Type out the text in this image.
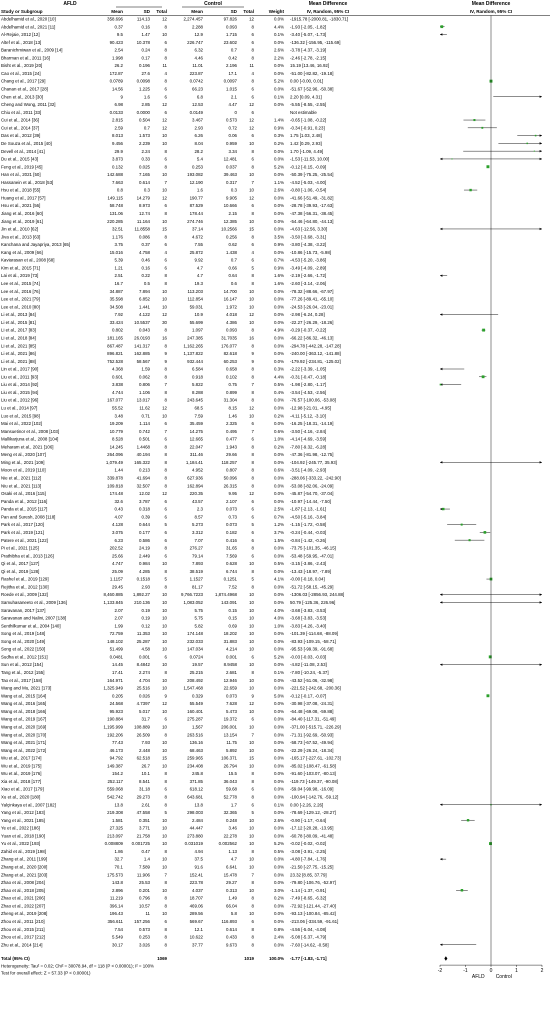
AFLD	Control	Mean Difference	Mean Difference
Study or Subgroup	Mean	SD Total	Mean	SD Total	Weight	IV, Random, 95% CI	IV, Random, 95% CI
Abdelhamid et al., 2020 [10]	358.696	114.13	12	2,274.457	97.826	12	0.0% -1915.78 [-2000.81, -1830.71]
Abdelhamid et al., 2021 [11]	0.37	0.16	8	2.288	0.093	8	4.4% -1.93 [-2.05, -1.82]
Al-Rejaie, 2012 [12]	9.5	1.47	10	12.9	1.715	6	0.1% -3.40 [-5.07, -1.73]
Altef et al., 2018 [13]	90.423	10.378	6	226.747	23.602	6	0.0% -136.32 [-156.95, -115.69]
Baranichmiwan et al., 2009 [14]	2.54	0.24	8	6.32	0.7	8	2.6% -3.78 [-4.37, -3.19]
Bharman et al., 2011 [16]	1.998	0.17	8	4.46	0.42	8	2.2% -2.46 [-2.78, -2.15]
Bisht et al., 2019 [20]	26.2	0.196	11	11.01	2.196	11	0.0% 15.19 [13.46, 16.92]
Cao et al., 2015 [24]	172.87	27.6	4	223.87	17.1	4	0.0% -51.00 [-82.82, -19.18]
Chang et al., 2017 [29]	0.0789	0.0098	8	0.0742	0.0097	8	5.2% 0.00 [-0.00, 0.01]
Chanan et al., 2017 [28]	14.56	1.225	6	66.23	1.015	6	0.0% -51.67 [-52.96, -50.38]
Chen et al., 2013 [30]	9	1.6	6	6.8	2.1	6	0.1% 2.20 [0.09, 4.31]
Cheng and Wong, 2011 [32]	6.98	2.85	12	12.53	4.47	12	0.0% -5.55 [-8.55, -2.55]
Chiu et al., 2011 [33]	0.0133	0.0000	6	0.0149	0	6	Not estimable
Cui et al., 2014 [36]	2.815	0.504	12	3.467	0.573	12	1.4% -0.65 [-1.08, -0.22]
Cui et al., 2014 [37]	2.59	0.7	12	2.93	0.72	12	0.9% -0.34 [-0.91, 0.23]
Das et al., 2012 [39]	8.013	1.573	10	6.26	0.06	6	0.3% 1.75 [1.03, 2.48]
De Souza et al., 2015 [40]	9.456	2.239	10	8.04	0.959	10	0.2% 1.42 [0.29, 2.93]
Devell et al., 2014 [41]	29.9	2.24	8	28.2	3.34	8	0.0% 1.70 [-1.09, 4.49]
Du et al., 2015 [43]	3.873	0.33	6	5.4	12.481	6	0.0% -1.53 [-11.53, 10.00]
Feng et al., 2019 [45]	0.132	0.025	8	0.253	0.037	8	5.2% -0.12 [-0.15, -0.09]
Han et al., 2021 [50]	142.688	7.165	10	193.082	39.463	10	0.0% -50.39 [-75.25, -25.54]
Hassanein et al., 2018 [53]	7.663	0.614	7	12.190	0.317	7	1.1% -4.52 [-5.03, -4.00]
Hsu et al., 2018 [55]	0.8	0.3	10	1.6	0.3	10	2.6% -0.80 [-1.06, -0.54]
Huang et al., 2017 [57]	149.115	14.279	12	190.77	9.905	12	0.0% -41.66 [-51.49, -31.82]
Hsu et al., 2021 [56]	58.748	8.973	6	87.529	10.666	6	0.0% -28.78 [-39.93, -17.63]
Jiang et al., 2016 [60]	131.06	12.74	8	178.44	2.15	8	0.0% -47.38 [-56.31, -38.45]
Jiang et al., 2019 [61]	220.285	11.164	10	274.746	12.385	10	0.0% -54.46 [-64.80, -44.13]
Jin et al., 2010 [62]	32.51	11.8558	15	37.14	10.2566	15	0.0% -4.63 [-12.56, 3.30]
Jiva et al., 2013 [63]	1.176	0.086	8	4.672	0.256	8	3.5% -3.50 [-3.68, -3.31]
Kanchana and Jayapriya, 2013 [65]	3.75	0.37	6	7.55	0.62	6	0.9% -3.80 [-4.38, -3.22]
Kang et al., 2009 [66]	15.016	4.758	4	25.872	1.438	4	0.0% -10.86 [-15.73, -5.98]
Kaviarasan et al., 2008 [68]	5.39	0.46	6	9.92	0.7	6	0.7% -4.53 [-5.20, -3.86]
Kim et al., 2015 [71]	1.21	0.16	6	4.7	0.66	5	0.9% -3.49 [-4.09, -2.89]
Lai et al., 2019 [73]	2.51	0.22	8	4.7	0.64	8	1.6% -2.19 [-2.66, -1.72]
Lee et al., 2015 [74]	16.7	0.5	8	19.3	0.6	8	1.6% -2.60 [-3.14, -2.06]
Lee et al., 2016 [76]	34.887	7.894	10	113.203	14.700	10	0.0% -78.32 [-88.66, -67.97]
Lee et al., 2021 [79]	35.598	6.852	10	112.854	16.147	10	0.0% -77.26 [-89.41, -65.10]
Lee et al., 2010 [80]	34.508	1.441	10	59.031	1.972	10	0.0% -24.53 [-26.04, -23.01]
Li et al., 2013 [84]	7.92	4.122	12	10.9	4.018	12	0.0% -2.98 [-6.24, 0.28]
Li et al., 2015 [81]	33.424	10.5537	30	55.699	4.386	10	0.0% -22.27 [-26.29, -18.26]
Li et al., 2017 [83]	0.802	0.043	8	1.097	0.093	8	4.9% -0.29 [-0.37, -0.22]
Li et al., 2018 [84]	181.165	26.0193	16	247.385	31.7035	16	0.0% -66.22 [-86.32, -46.13]
Li et al., 2021 [85]	867.487	141.317	8	1,162.265	176.077	8	0.0% -294.78 [-442.28, -147.28]
Li et al., 2021 [86]	896.821	162.885	9	1,137.822	82.618	9	0.0% -240.00 [-363.12, -141.88]
Li et al., 2021 [88]	752.528	58.567	9	932.444	60.253	9	0.0% -179.92 [-234.81, -125.02]
Lin et al., 2017 [90]	4.368	1.59	8	6.584	0.658	8	0.3% -2.22 [-3.39, -1.05]
Liu et al., 2011 [93]	0.601	0.062	8	0.918	0.102	8	4.4% -0.31 [-0.47, -0.18]
Liu et al., 2014 [92]	3.838	0.806	7	5.822	0.75	7	0.5% -1.98 [-2.80, -1.17]
Liu et al., 2015 [94]	4.744	1.106	8	8.288	0.899	8	0.4% -3.54 [-4.53, -2.56]
Liu et al., 2012 [96]	167.077	13.017	8	243.645	31.304	8	0.0% -76.57 [-100.06, -53.08]
Lu et al., 2014 [97]	55.52	11.62	12	68.5	8.15	12	0.0% -12.98 [-21.01, -4.95]
Luo et al., 2015 [98]	3.48	0.71	10	7.59	1.46	10	0.2% -4.11 [-5.12, -3.10]
Mai et al., 2022 [102]	19.209	1.114	6	35.459	2.325	6	0.0% -16.25 [-18.31, -14.19]
Mansuetinor et al., 2008 [103]	10.779	0.742	7	14.275	0.495	7	0.6% -3.50 [-4.16, -2.84]
Mallikarjuna et al., 2008 [104]	8.528	0.501	6	12.665	0.477	6	1.0% -4.14 [-4.69, -3.59]
Meharam et al., 2021 [106]	14.245	1.4468	8	22.047	1.943	8	0.2% -7.80 [-9.32, -6.28]
Meng et al., 2020 [107]	264.096	40.194	8	311.46	29.66	8	0.0% -47.36 [-81.98, -12.75]
Ming et al., 2021 [109]	1,079.49	165.322	8	1,184.41	118.257	8	0.0% -104.92 [-245.77, 35.93]
Moon et al., 2019 [110]	1.44	0.213	8	4.952	0.807	8	0.6% -3.51 [-4.09, -2.93]
Nie et al., 2021 [112]	339.878	41.694	8	627.936	50.096	8	0.0% -288.06 [-333.22, -242.90]
Niu et al., 2021 [113]	109.818	32.507	8	162.894	26.315	8	0.0% -53.08 [-82.06, -24.09]
Osaki et al., 2016 [115]	174.48	12.02	12	220.35	9.95	12	0.0% -45.87 [-54.70, -37.04]
Panda et al., 2012 [116]	32.6	3.787	6	43.57	2.107	6	0.0% -10.97 [-14.44, -7.50]
Panda et al., 2015 [117]	0.43	0.318	6	2.3	0.073	6	2.5% -1.87 [-2.13, -1.61]
Pan and Suresh, 2008 [118]	4.07	0.39	6	8.57	0.73	6	0.7% -4.50 [-5.16, -3.84]
Park et al., 2017 [120]	4.128	0.644	5	5.273	0.073	5	1.2% -1.15 [-1.72, -0.58]
Park et al., 2019 [121]	3.075	0.177	6	3.312	0.182	6	3.7% -0.24 [-0.44, -0.03]
Patere et al., 2021 [122]	6.23	0.586	6	7.07	0.416	6	1.5% -0.84 [-1.42, -0.26]
Pi et al., 2021 [125]	202.52	24.19	8	276.27	31.65	8	0.0% -73.75 [-101.35, -46.15]
Prathibha et al., 2013 [126]	25.66	2.449	6	79.14	7.569	6	0.0% -53.48 [-59.95, -47.01]
Qi et al., 2017 [127]	4.747	0.984	10	7.893	0.628	10	0.5% -3.15 [-3.86, -2.43]
Qi et al., 2019 [128]	25.09	4.285	8	38.519	6.744	8	0.0% -13.43 [-18.97, -7.89]
Rashel et al., 2019 [129]	1.1157	0.1518	5	1.1527	0.1251	5	4.1% -0.00 [-0.18, 0.04]
Rejitha et al., 2012 [130]	29.45	2.93	8	81.17	7.52	8	0.0% -51.72 [-58.15, -45.29]
Roede et al., 2009 [132]	8,460.885 1,892.27	10	9,766.7223	1,874.4968	10	0.0% -1306.03 [-2856.93, 244.88]
Samuhasaneeto et al., 2009 [136]	1,133.845	210.136	10	1,083.052	143.091	10	0.0% 50.79 [-125.36, 226.96]
Saravanan, 2017 [137]	2.07	0.19	10	5.75	0.15	10	4.0% -3.68 [-3.83, -3.53]
Saravanan and Nalini, 2007 [138]	2.07	0.19	10	5.75	0.15	10	4.0% -3.68 [-3.83, -3.53]
Senthilkumar et al., 2004 [140]	1.99	0.12	10	5.82	0.69	10	1.0% -3.83 [-4.26, -3.40]
Song et al., 2019 [148]	72.759	11.353	10	174.148	18.202	10	0.0% -101.39 [-114.68, -88.09]
Song et al., 2020 [149]	148.102	25.287	10	232.033	31.883	10	0.0% -83.93 [-109.15, -58.71]
Song et al., 2022 [150]	51.499	4.58	10	147.034	4.214	10	0.0% -95.53 [-99.39, -91.68]
Sudha et al., 2012 [151]	0.0481	0.001	6	0.0724	0.001	6	5.2% -0.03 [-0.03, -0.03]
Sun et al., 2012 [154]	14.45	8.4842	10	19.57	8.9458	10	0.0% -4.82 [-11.08, 2.53]
Tang et al., 2012 [155]	17.41	2.274	8	25.215	2.681	8	0.1% -7.80 [-10.24, -5.37]
Tao et al., 2017 [158]	164.971	4.704	10	208.492	12.946	10	0.0% -43.52 [-51.06, -32.98]
Wang and Mu, 2021 [173]	1,325.949	25.516	10	1,547.468	22.659	10	0.0% -221.52 [-242.68, -200.36]
Wang et al., 2015 [164]	0.205	0.026	9	0.329	0.073	9	5.0% -0.12 [-0.17, -0.07]
Wang et al., 2016 [165]	24.568	4.7397	12	55.549	7.628	12	0.0% -30.98 [-37.08, -24.31]
Wang et al., 2018 [166]	95.923	5.017	10	160.401	5.473	10	0.0% -64.48 [-69.08, -59.88]
Wang et al., 2019 [167]	190.884	31.7	6	275.287	19.372	6	0.0% -84.40 [-117.31, -51.49]
Wang et al., 2020 [169]	1,195.999	108.889	10	1,567	206.001	10	0.0% -371.00 [-515.71, -226.29]
Wang et al., 2020 [170]	192.206	26.509	8	263.516	13.154	7	0.0% -71.31 [-92.69, -50.93]
Wang et al., 2021 [171]	77.43	7.93	10	136.16	11.75	10	0.0% -58.73 [-67.52, -49.94]
Wang et al., 2022 [172]	46.173	2.448	10	68.463	5.892	10	0.0% -22.29 [-26.24, -18.34]
Wu et al., 2017 [174]	94.792	62.518	15	259.965	106.371	15	0.0% -165.17 [-227.61, -102.73]
Wu et al., 2019 [175]	149.387	26.7	10	234.408	26.794	10	0.0% -85.02 [-108.47, -61.58]
Wu et al., 2019 [176]	154.2	10.1	8	245.8	15.5	8	0.0% -91.60 [-103.07, -80.13]
Xia et al., 2018 [177]	252.117	8.541	8	371.85	36.043	8	0.0% -119.73 [-149.37, -90.08]
Xiao et al., 2017 [179]	559.068	31.18	6	618.12	59.68	6	0.0% -59.04 [-99.98, -16.09]
Xu et al., 2020 [180]	542.742	29.273	8	643.681	52.778	8	0.0% -100.94 [-142.76, -59.12]
Yalçinkaya et al., 2007 [182]	13.8	2.61	8	13.8	1.7	6	0.1% 0.00 [-2.26, 2.26]
Yang et al., 2012 [183]	219.308	47.558	5	298.003	32.365	5	0.0% -78.69 [-129.12, -28.27]
Yang et al., 2021 [185]	1.581	0.351	10	2.484	0.248	10	2.6% -0.90 [-1.17, -0.64]
Ye et al., 2022 [186]	27.325	3.771	10	44.447	3.46	10	0.0% -17.12 [-20.28, -13.95]
Yuan et al., 2018 [190]	213.097	21.758	10	273.880	22.278	10	0.0% -60.78 [-80.09, -41.48]
Yu et al., 2022 [193]	0.008809 0.001725	10	0.031019	0.002562	10	5.2% -0.02 [-0.02, -0.02]
Zahid et al., 2019 [198]	1.86	0.47	8	4.94	1.13	8	0.5% -3.08 [-3.91, -2.25]
Zhang et al., 2011 [199]	32.7	1.4	10	37.5	4.7	10	0.0% -4.80 [-7.84, -1.76]
Zhang et al., 2020 [200]	70.1	7.589	10	91.6	6.641	10	0.0% -21.50 [-27.75, -15.25]
Zhang et al., 2021 [203]	175.573	11.906	7	152.41	15.478	7	0.0% 23.32 [8.85, 37.79]
Zhao et al., 2008 [204]	143.8	25.53	8	223.78	29.27	8	0.0% -79.80 [-106.76, -52.97]
Zhao et al., 2018 [205]	2.896	0.201	10	4.037	0.313	10	3.0% -1.14 [-1.37, -0.91]
Zhao et al., 2021 [206]	11.219	0.796	8	18.707	1.49	8	0.2% -7.49 [-8.65, -6.32]
Zhao et al., 2022 [207]	396.14	10.57	8	469.06	66.04	8	0.0% -72.92 [-121.44, -27.40]
Zheng et al., 2019 [208]	196.43	11	10	289.56	5.8	10	0.0% -93.13 [-100.84, -85.42]
Zhou et al., 2011 [210]	356.611	157.256	6	569.67	116.893	6	0.0% -213.06 [-334.59, -91.61]
Zhou et al., 2015 [211]	7.54	0.573	8	12.1	0.614	8	0.8% -4.56 [-5.04, -4.08]
Zhou et al., 2017 [212]	5.549	0.253	8	10.622	0.433	8	2.4% -5.08 [-5.37, -4.79]
Zhu et al., 2014 [214]	30.17	3.026	8	37.77	9.673	8	0.0% -7.60 [-14.62, -0.58]
Total (95% CI)	1069	1019	100.0% -1.77 [-1.83, -1.71]
Heterogeneity: Tau² = 0.02; Chi² = 30078.94, df = 118 (P < 0.00001); I² = 100%
Test for overall effect: Z = 57.33 (P < 0.00001)	-2	-1	0	1	2
AFLD Control
